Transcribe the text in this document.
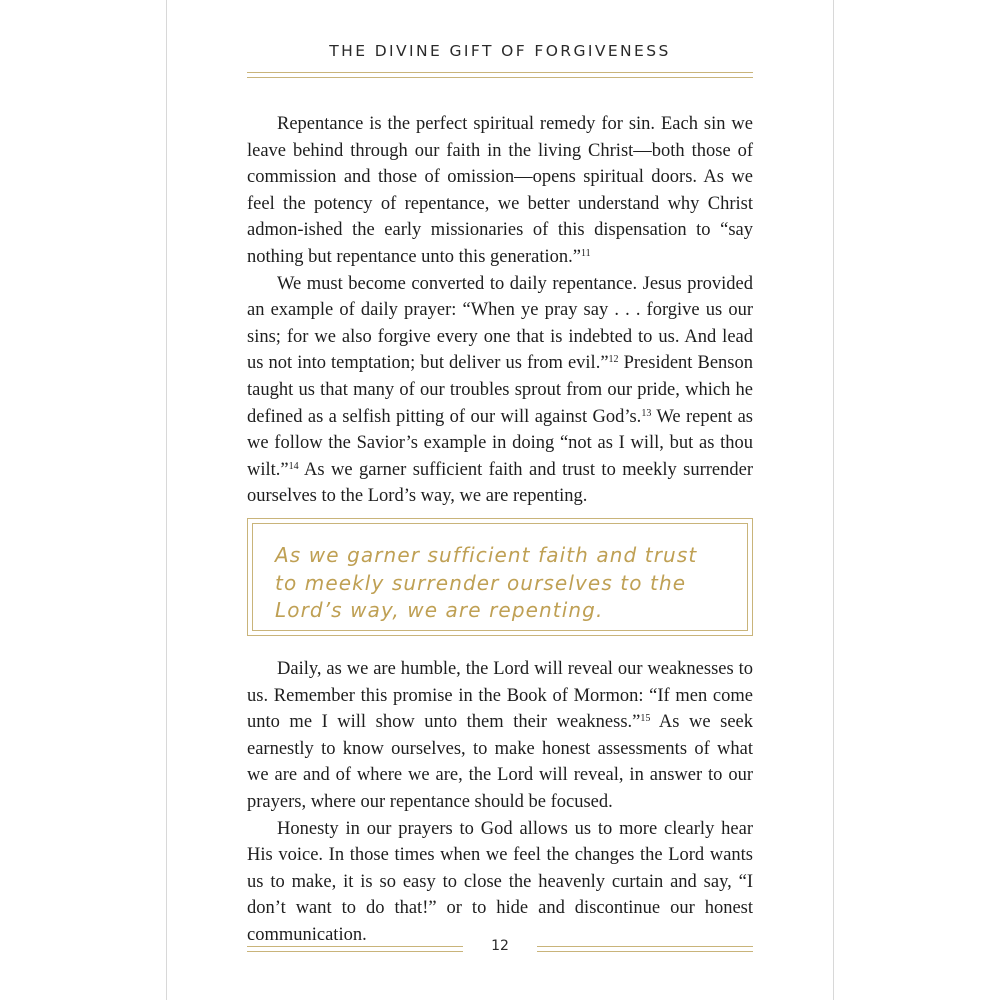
THE DIVINE GIFT OF FORGIVENESS

Repentance is the perfect spiritual remedy for sin. Each sin we leave behind through our faith in the living Christ—both those of commission and those of omission—opens spiritual doors. As we feel the potency of repentance, we better understand why Christ admon-ished the early missionaries of this dispensation to “say nothing but repentance unto this generation.”$^{11}$

We must become converted to daily repentance. Jesus provided an example of daily prayer: “When ye pray say . . . forgive us our sins; for we also forgive every one that is indebted to us. And lead us not into temptation; but deliver us from evil.”$^{12}$ President Benson taught us that many of our troubles sprout from our pride, which he defined as a selfish pitting of our will against God’s.$^{13}$ We repent as we follow the Savior’s example in doing “not as I will, but as thou wilt.”$^{14}$ As we garner sufficient faith and trust to meekly surrender ourselves to the Lord’s way, we are repenting.

As we garner sufficient faith and trust to meekly surrender ourselves to the Lord’s way, we are repenting.

Daily, as we are humble, the Lord will reveal our weaknesses to us. Remember this promise in the Book of Mormon: “If men come unto me I will show unto them their weakness.”$^{15}$ As we seek earnestly to know ourselves, to make honest assessments of what we are and of where we are, the Lord will reveal, in answer to our prayers, where our repentance should be focused.

Honesty in our prayers to God allows us to more clearly hear His voice. In those times when we feel the changes the Lord wants us to make, it is so easy to close the heavenly curtain and say, “I don’t want to do that!” or to hide and discontinue our honest communication.

12
